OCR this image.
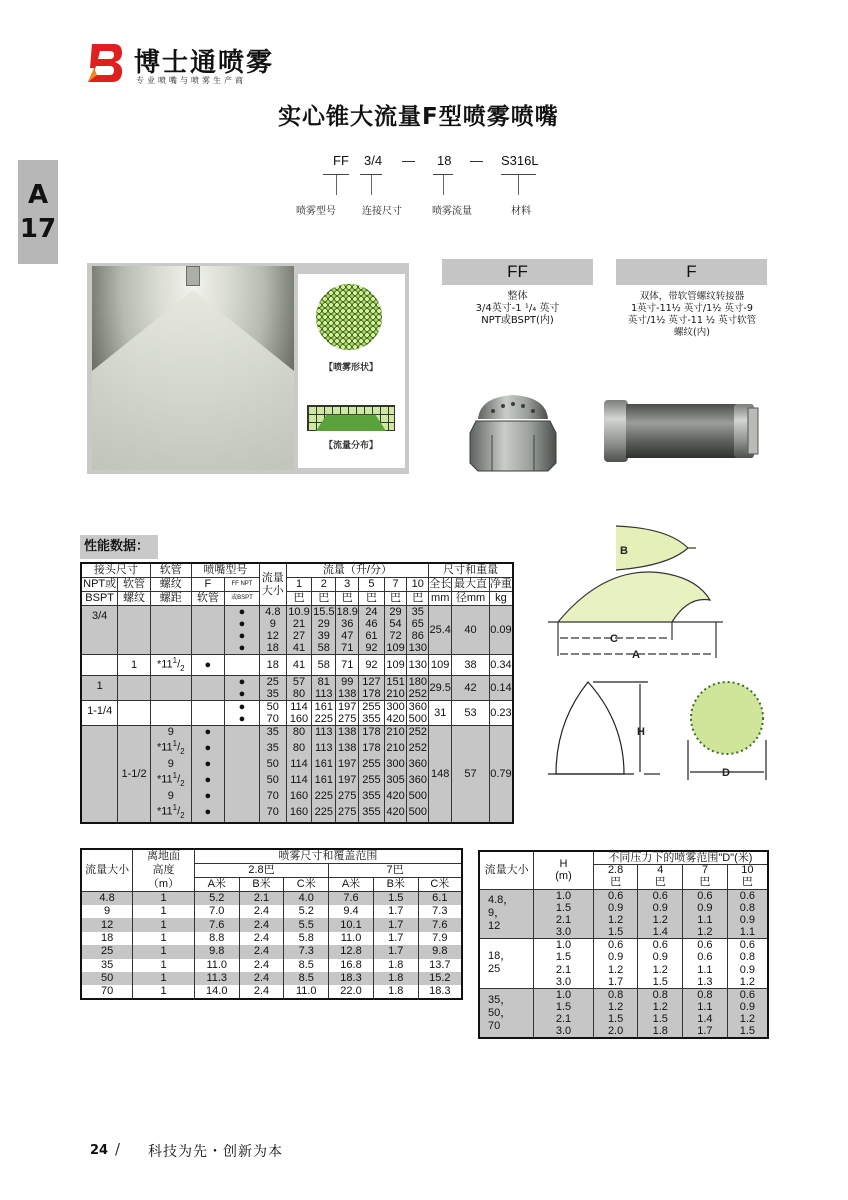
博士通喷雾
专业喷嘴与喷雾生产商
实心锥大流量F型喷雾喷嘴
A
17
FF 3/4 — 18 — S316L
喷雾型号	连接尺寸	喷雾流量	材料
【喷雾形状】
【流量分布】
FF	F
整体
3/4英寸-1 ¹/₄ 英寸
NPT或BSPT(内)
双体，带软管螺纹转接器
1英寸-11½ 英寸/1½ 英寸-9
英寸/1½ 英寸-11 ½ 英寸软管
螺纹(内)
性能数据：
接头尺寸		软管	喷嘴型号		流量
大小	流量（升/分）						尺寸和重量		
NPT或	软管	螺纹	F	FF NPT		1	2	3	5	7	10	全长	最大直	净重
BSPT	螺纹	螺距	软管	或BSPT		巴	巴	巴	巴	巴	巴	mm	径mm	kg
3/4				●	4.8	10.9	15.5	18.9	24	29	35	25.4	40	0.09
				●	9	21	29	36	46	54	65			
				●	12	27	39	47	61	72	86			
				●	18	41	58	71	92	109	130			
	1	$*11^1/_2$	●		18	41	58	71	92	109	130	109	38	0.34
1				●	25	57	81	99	127	151	180	29.5	42	0.14
				●	35	80	113	138	178	210	252			
1-1/4				●	50	114	161	197	255	300	360	31	53	0.23
				●	70	160	225	275	355	420	500			
	1-1/2	9	●		35	80	113	138	178	210	252	148	57	0.79
		$*11^1/_2$	●		35	80	113	138	178	210	252			
		9	●		50	114	161	197	255	300	360			
		$*11^1/_2$	●		50	114	161	197	255	305	360			
		9	●		70	160	225	275	355	420	500			
		$*11^1/_2$	●		70	160	225	275	355	420	500			
B
C
A
H
D
流量大小	离地面	喷雾尺寸和覆盖范围					
	高度	2.8巴			7巴		
	（m）	A米	B米	C米	A米	B米	C米
4.8	1	5.2	2.1	4.0	7.6	1.5	6.1
9	1	7.0	2.4	5.2	9.4	1.7	7.3
12	1	7.6	2.4	5.5	10.1	1.7	7.6
18	1	8.8	2.4	5.8	11.0	1.7	7.9
25	1	9.8	2.4	7.3	12.8	1.7	9.8
35	1	11.0	2.4	8.5	16.8	1.8	13.7
50	1	11.3	2.4	8.5	18.3	1.8	15.2
70	1	14.0	2.4	11.0	22.0	1.8	18.3
流量大小	H
(m)	不同压力下的喷雾范围"D"(米)			
		2.8	4	7	10
		巴	巴	巴	巴
4.8，
9，
12	1.0	0.6	0.6	0.6	0.6
	1.5	0.9	0.9	0.9	0.8
	2.1	1.2	1.2	1.1	0.9
	3.0	1.5	1.4	1.2	1.1
18，
25	1.0	0.6	0.6	0.6	0.6
	1.5	0.9	0.9	0.6	0.8
	2.1	1.2	1.2	1.1	0.9
	3.0	1.7	1.5	1.3	1.2
35，
50，
70	1.0	0.8	0.8	0.8	0.6
	1.5	1.2	1.2	1.1	0.9
	2.1	1.5	1.5	1.4	1.2
	3.0	2.0	1.8	1.7	1.5
24 / 科技为先・创新为本
